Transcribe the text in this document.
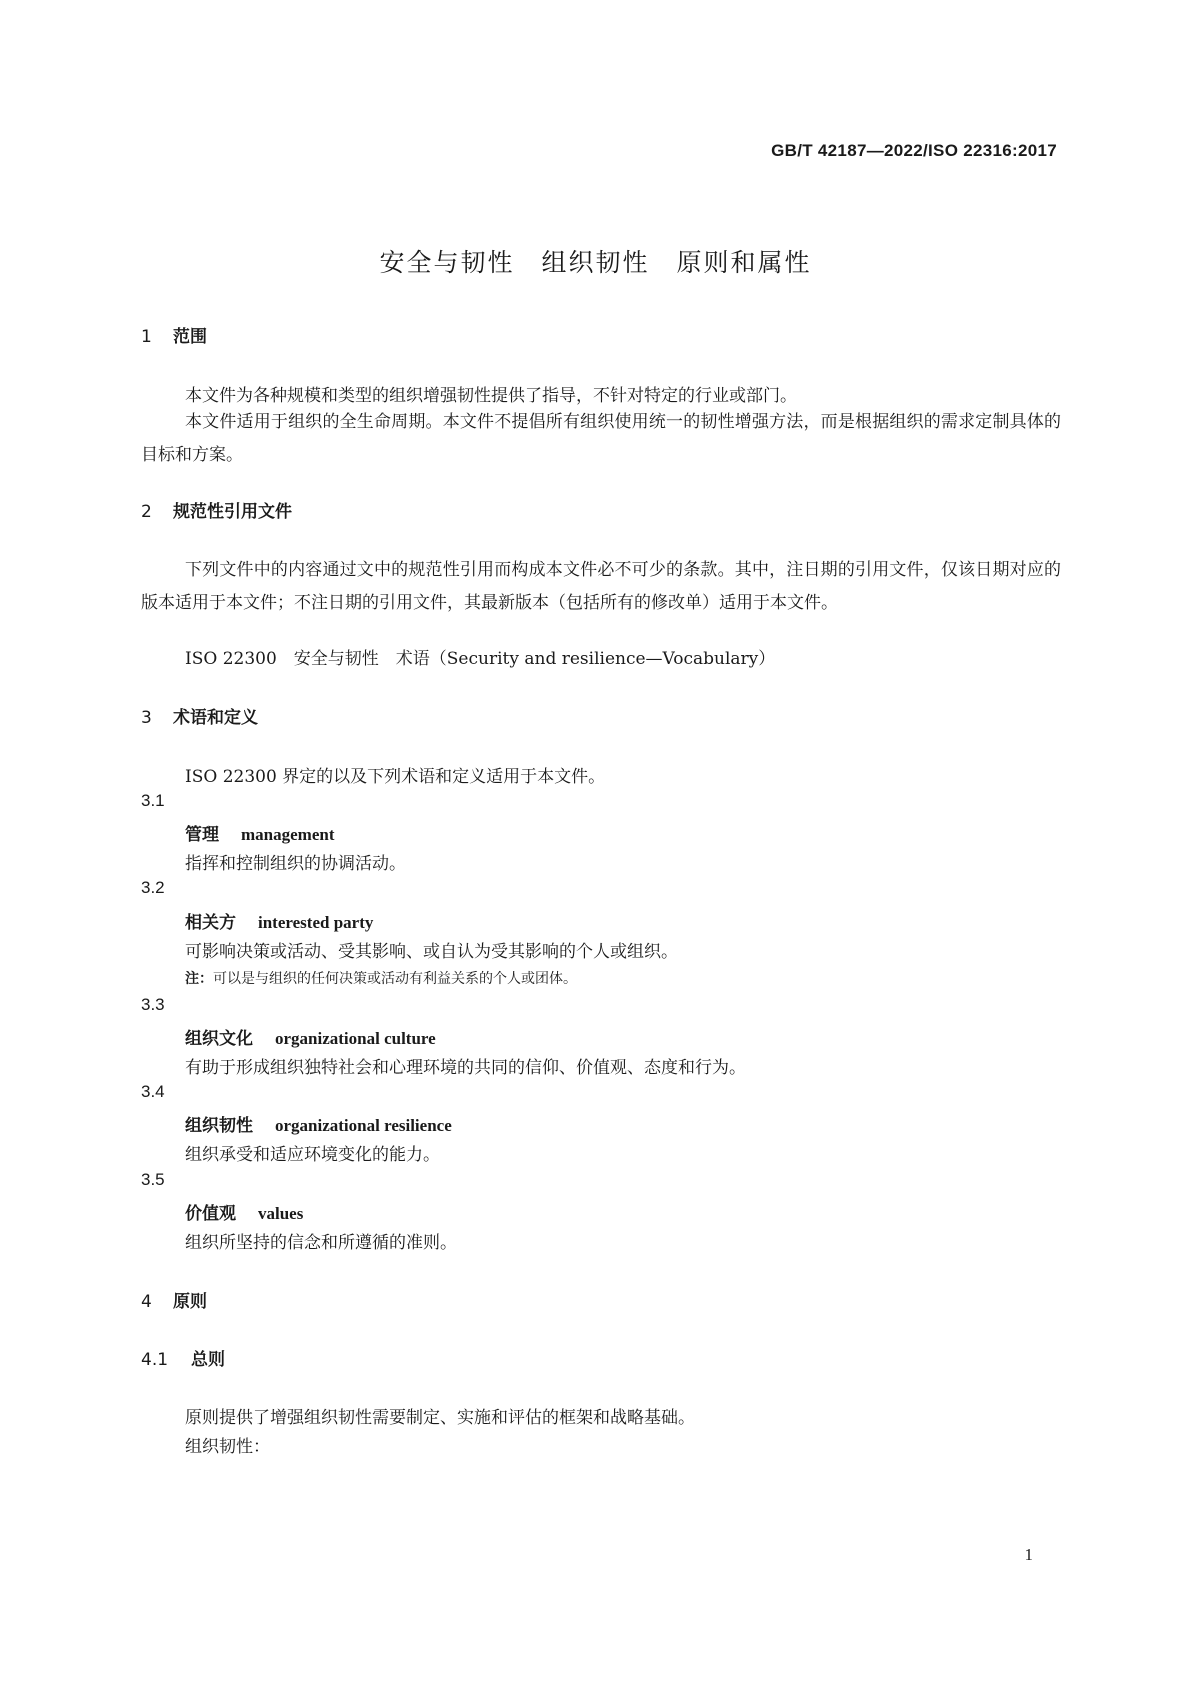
GB/T 42187—2022/ISO 22316:2017
安全与韧性　组织韧性　原则和属性
1 范围
本文件为各种规模和类型的组织增强韧性提供了指导，不针对特定的行业或部门。
本文件适用于组织的全生命周期。本文件不提倡所有组织使用统一的韧性增强方法，而是根据组织的需求定制具体的目标和方案。
2 规范性引用文件
下列文件中的内容通过文中的规范性引用而构成本文件必不可少的条款。其中，注日期的引用文件，仅该日期对应的版本适用于本文件；不注日期的引用文件，其最新版本（包括所有的修改单）适用于本文件。
ISO 22300　安全与韧性　术语（Security and resilience—Vocabulary）
3 术语和定义
ISO 22300 界定的以及下列术语和定义适用于本文件。
3.1
管理 management
指挥和控制组织的协调活动。
3.2
相关方 interested party
可影响决策或活动、受其影响、或自认为受其影响的个人或组织。
注：可以是与组织的任何决策或活动有利益关系的个人或团体。
3.3
组织文化 organizational culture
有助于形成组织独特社会和心理环境的共同的信仰、价值观、态度和行为。
3.4
组织韧性 organizational resilience
组织承受和适应环境变化的能力。
3.5
价值观 values
组织所坚持的信念和所遵循的准则。
4 原则
4.1 总则
原则提供了增强组织韧性需要制定、实施和评估的框架和战略基础。
组织韧性：
1
